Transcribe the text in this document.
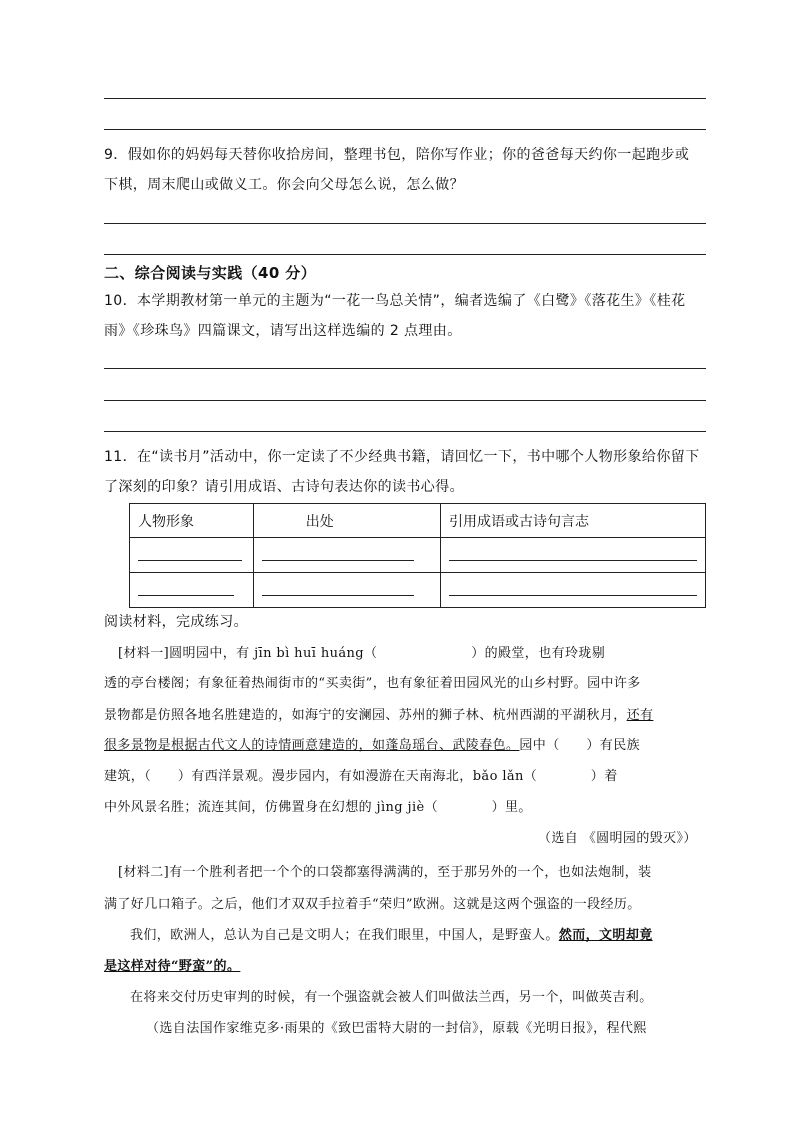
9．假如你的妈妈每天替你收拾房间，整理书包，陪你写作业；你的爸爸每天约你一起跑步或
下棋，周末爬山或做义工。你会向父母怎么说，怎么做？
二、综合阅读与实践（40 分）
10．本学期教材第一单元的主题为“一花一鸟总关情”，编者选编了《白鹭》《落花生》《桂花
雨》《珍珠鸟》四篇课文，请写出这样选编的 2 点理由。
11．在“读书月”活动中，你一定读了不少经典书籍，请回忆一下，书中哪个人物形象给你留下
了深刻的印象？请引用成语、古诗句表达你的读书心得。
人物形象	出处	引用成语或古诗句言志

阅读材料，完成练习。
[材料一]圆明园中，有 jīn bì huī huáng（　　　　　　　）的殿堂，也有玲珑剔
透的亭台楼阁；有象征着热闹街市的“买卖街”，也有象征着田园风光的山乡村野。园中许多
景物都是仿照各地名胜建造的，如海宁的安澜园、苏州的狮子林、杭州西湖的平湖秋月，还有
很多景物是根据古代文人的诗情画意建造的，如蓬岛瑶台、武陵春色。园中（　　）有民族
建筑，（　　）有西洋景观。漫步园内，有如漫游在天南海北，bǎo lǎn（　　　　）着
中外风景名胜；流连其间，仿佛置身在幻想的 jìng jiè（　　　　）里。
（选自 《圆明园的毁灭》）
[材料二]有一个胜利者把一个个的口袋都塞得满满的，至于那另外的一个，也如法炮制，装
满了好几口箱子。之后，他们才双双手拉着手“荣归”欧洲。这就是这两个强盗的一段经历。
我们，欧洲人，总认为自己是文明人；在我们眼里，中国人，是野蛮人。然而，文明却竟
是这样对待“野蛮”的。
在将来交付历史审判的时候，有一个强盗就会被人们叫做法兰西，另一个，叫做英吉利。
（选自法国作家维克多·雨果的《致巴雷特大尉的一封信》，原载《光明日报》，程代熙
